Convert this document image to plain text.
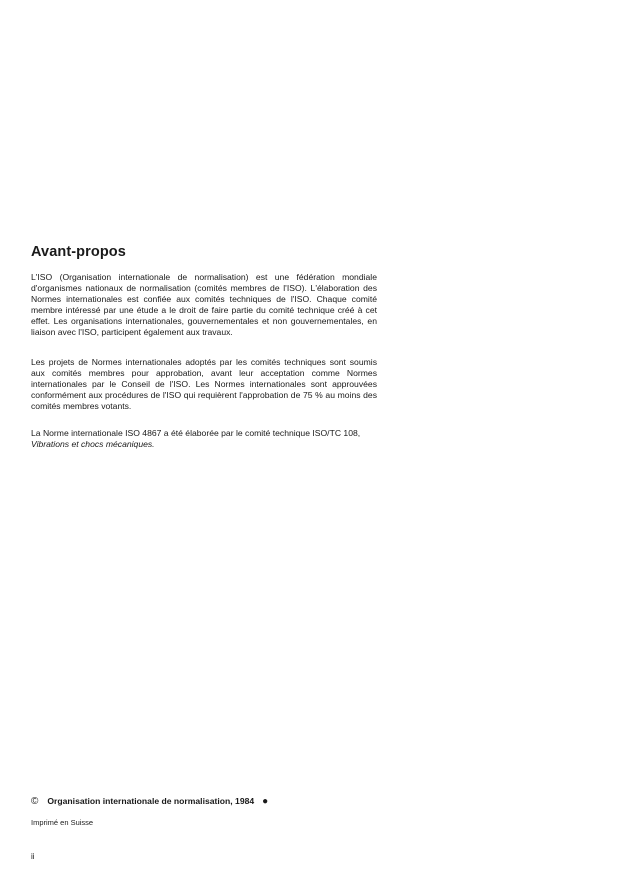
Avant-propos

L'ISO (Organisation internationale de normalisation) est une fédération mondiale d'organismes nationaux de normalisation (comités membres de l'ISO). L'élaboration des Normes internationales est confiée aux comités techniques de l'ISO. Chaque comité membre intéressé par une étude a le droit de faire partie du comité technique créé à cet effet. Les organisations internationales, gouvernementales et non gouvernementales, en liaison avec l'ISO, participent également aux travaux.

Les projets de Normes internationales adoptés par les comités techniques sont soumis aux comités membres pour approbation, avant leur acceptation comme Normes internationales par le Conseil de l'ISO. Les Normes internationales sont approuvées conformément aux procédures de l'ISO qui requièrent l'approbation de 75 % au moins des comités membres votants.

La Norme internationale ISO 4867 a été élaborée par le comité technique ISO/TC 108,
Vibrations et chocs mécaniques.

© Organisation internationale de normalisation, 1984 ●
Imprimé en Suisse
ii
